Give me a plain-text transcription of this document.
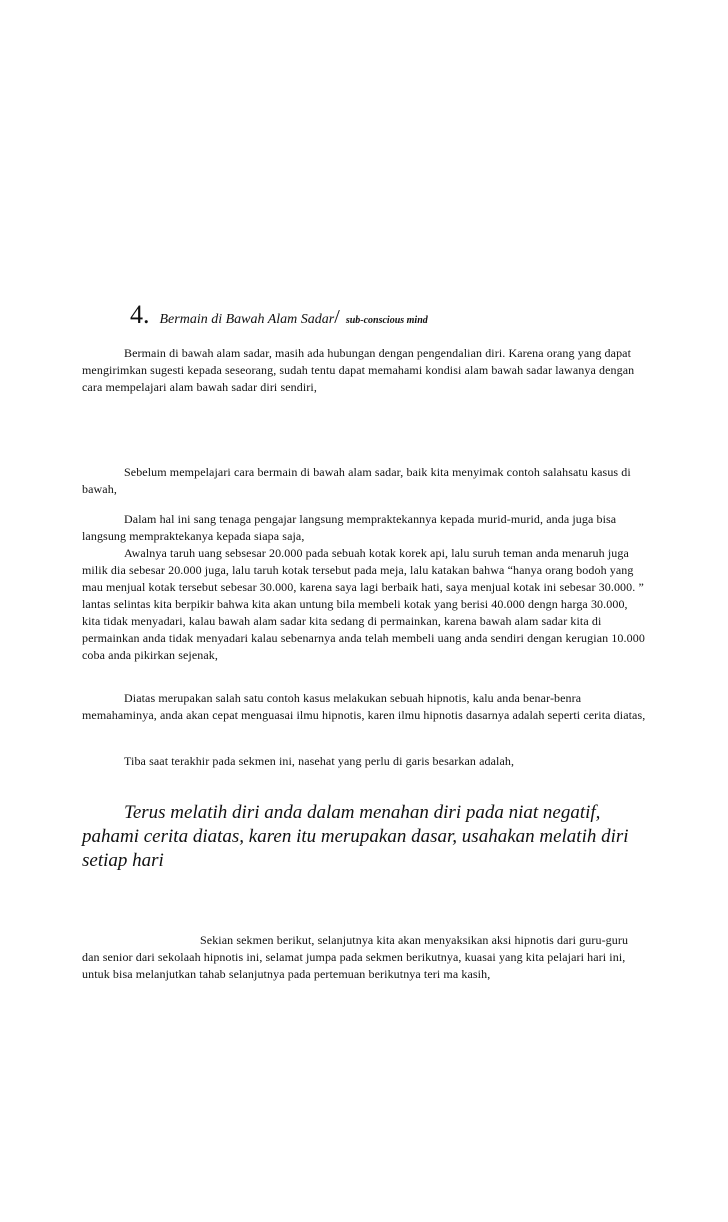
4. Bermain di Bawah Alam Sadar/ sub-conscious mind

Bermain di bawah alam sadar, masih ada hubungan dengan pengendalian diri. Karena orang yang dapat mengirimkan sugesti kepada seseorang, sudah tentu dapat memahami kondisi alam bawah sadar lawanya dengan cara mempelajari alam bawah sadar diri sendiri,

Sebelum mempelajari cara bermain di bawah alam sadar, baik kita menyimak contoh salahsatu kasus di bawah,

Dalam hal ini sang tenaga pengajar langsung mempraktekannya kepada murid-murid, anda juga bisa langsung mempraktekanya kepada siapa saja,

Awalnya taruh uang sebsesar 20.000 pada sebuah kotak korek api, lalu suruh teman anda menaruh juga milik dia sebesar 20.000 juga, lalu taruh kotak tersebut pada meja, lalu katakan bahwa “hanya orang bodoh yang mau menjual kotak tersebut sebesar 30.000, karena saya lagi berbaik hati, saya menjual kotak ini sebesar 30.000. ” lantas selintas kita berpikir bahwa kita akan untung bila membeli kotak yang berisi 40.000 dengn harga 30.000, kita tidak menyadari, kalau bawah alam sadar kita sedang di permainkan, karena bawah alam sadar kita di permainkan anda tidak menyadari kalau sebenarnya anda telah membeli uang anda sendiri dengan kerugian 10.000 coba anda pikirkan sejenak,

Diatas merupakan salah satu contoh kasus melakukan sebuah hipnotis, kalu anda benar-benra memahaminya, anda akan cepat menguasai ilmu hipnotis, karen ilmu hipnotis dasarnya adalah seperti cerita diatas,

Tiba saat terakhir pada sekmen ini, nasehat yang perlu di garis besarkan adalah,

Terus melatih diri anda dalam menahan diri pada niat negatif, pahami cerita diatas, karen itu merupakan dasar, usahakan melatih diri setiap hari

Sekian sekmen berikut, selanjutnya kita akan menyaksikan aksi hipnotis dari guru-guru dan senior dari sekolaah hipnotis ini, selamat jumpa pada sekmen berikutnya, kuasai yang kita pelajari hari ini, untuk bisa melanjutkan tahab selanjutnya pada pertemuan berikutnya teri ma kasih,
